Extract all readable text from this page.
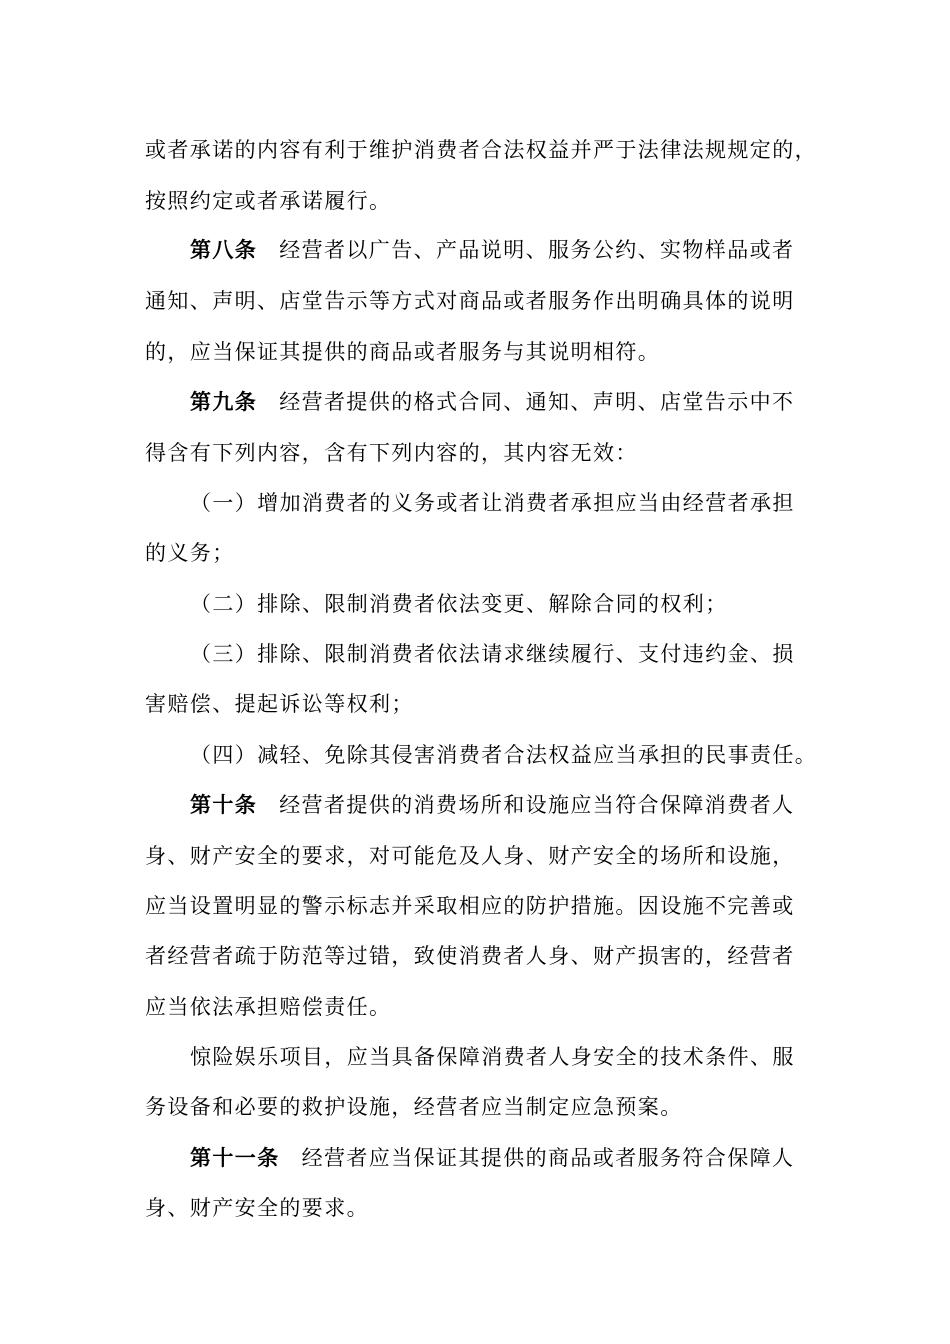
或者承诺的内容有利于维护消费者合法权益并严于法律法规规定的，
按照约定或者承诺履行。
第八条 经营者以广告、产品说明、服务公约、实物样品或者
通知、声明、店堂告示等方式对商品或者服务作出明确具体的说明
的，应当保证其提供的商品或者服务与其说明相符。
第九条 经营者提供的格式合同、通知、声明、店堂告示中不
得含有下列内容，含有下列内容的，其内容无效：
（一）增加消费者的义务或者让消费者承担应当由经营者承担
的义务；
（二）排除、限制消费者依法变更、解除合同的权利；
（三）排除、限制消费者依法请求继续履行、支付违约金、损
害赔偿、提起诉讼等权利；
（四）减轻、免除其侵害消费者合法权益应当承担的民事责任。
第十条 经营者提供的消费场所和设施应当符合保障消费者人
身、财产安全的要求，对可能危及人身、财产安全的场所和设施，
应当设置明显的警示标志并采取相应的防护措施。因设施不完善或
者经营者疏于防范等过错，致使消费者人身、财产损害的，经营者
应当依法承担赔偿责任。
惊险娱乐项目，应当具备保障消费者人身安全的技术条件、服
务设备和必要的救护设施，经营者应当制定应急预案。
第十一条 经营者应当保证其提供的商品或者服务符合保障人
身、财产安全的要求。
